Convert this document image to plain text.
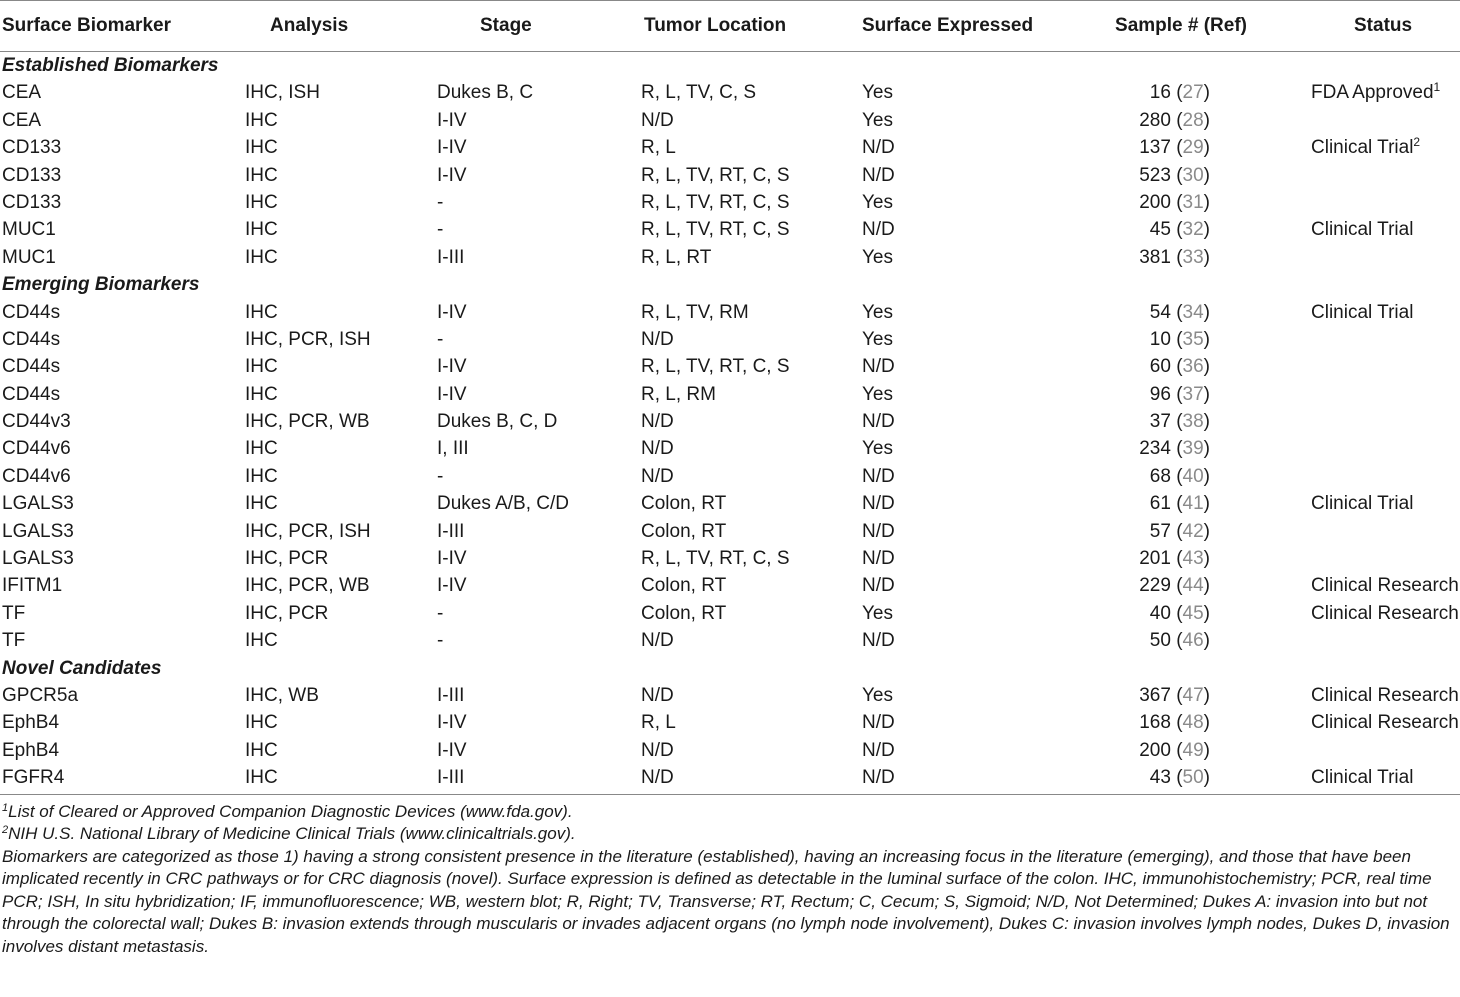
Surface Biomarker	Analysis	Stage	Tumor Location	Surface Expressed	Sample # (Ref)	Status
Established Biomarkers
CEA	IHC, ISH	Dukes B, C	R, L, TV, C, S	Yes	16 (27)	FDA Approved$^1$
CEA	IHC	I-IV	N/D	Yes	280 (28)
CD133	IHC	I-IV	R, L	N/D	137 (29)	Clinical Trial$^2$
CD133	IHC	I-IV	R, L, TV, RT, C, S	N/D	523 (30)
CD133	IHC	-	R, L, TV, RT, C, S	Yes	200 (31)
MUC1	IHC	-	R, L, TV, RT, C, S	N/D	45 (32)	Clinical Trial
MUC1	IHC	I-III	R, L, RT	Yes	381 (33)
Emerging Biomarkers
CD44s	IHC	I-IV	R, L, TV, RM	Yes	54 (34)	Clinical Trial
CD44s	IHC, PCR, ISH	-	N/D	Yes	10 (35)
CD44s	IHC	I-IV	R, L, TV, RT, C, S	N/D	60 (36)
CD44s	IHC	I-IV	R, L, RM	Yes	96 (37)
CD44v3	IHC, PCR, WB	Dukes B, C, D	N/D	N/D	37 (38)
CD44v6	IHC	I, III	N/D	Yes	234 (39)
CD44v6	IHC	-	N/D	N/D	68 (40)
LGALS3	IHC	Dukes A/B, C/D	Colon, RT	N/D	61 (41)	Clinical Trial
LGALS3	IHC, PCR, ISH	I-III	Colon, RT	N/D	57 (42)
LGALS3	IHC, PCR	I-IV	R, L, TV, RT, C, S	N/D	201 (43)
IFITM1	IHC, PCR, WB	I-IV	Colon, RT	N/D	229 (44)	Clinical Research
TF	IHC, PCR	-	Colon, RT	Yes	40 (45)	Clinical Research
TF	IHC	-	N/D	N/D	50 (46)
Novel Candidates
GPCR5a	IHC, WB	I-III	N/D	Yes	367 (47)	Clinical Research
EphB4	IHC	I-IV	R, L	N/D	168 (48)	Clinical Research
EphB4	IHC	I-IV	N/D	N/D	200 (49)
FGFR4	IHC	I-III	N/D	N/D	43 (50)	Clinical Trial

$^1$List of Cleared or Approved Companion Diagnostic Devices (www.fda.gov).

$^2$NIH U.S. National Library of Medicine Clinical Trials (www.clinicaltrials.gov).

Biomarkers are categorized as those 1) having a strong consistent presence in the literature (established), having an increasing focus in the literature (emerging), and those that have been implicated recently in CRC pathways or for CRC diagnosis (novel). Surface expression is defined as detectable in the luminal surface of the colon. IHC, immunohistochemistry; PCR, real time PCR; ISH, In situ hybridization; IF, immunofluorescence; WB, western blot; R, Right; TV, Transverse; RT, Rectum; C, Cecum; S, Sigmoid; N/D, Not Determined; Dukes A: invasion into but not through the colorectal wall; Dukes B: invasion extends through muscularis or invades adjacent organs (no lymph node involvement), Dukes C: invasion involves lymph nodes, Dukes D, invasion involves distant metastasis.
